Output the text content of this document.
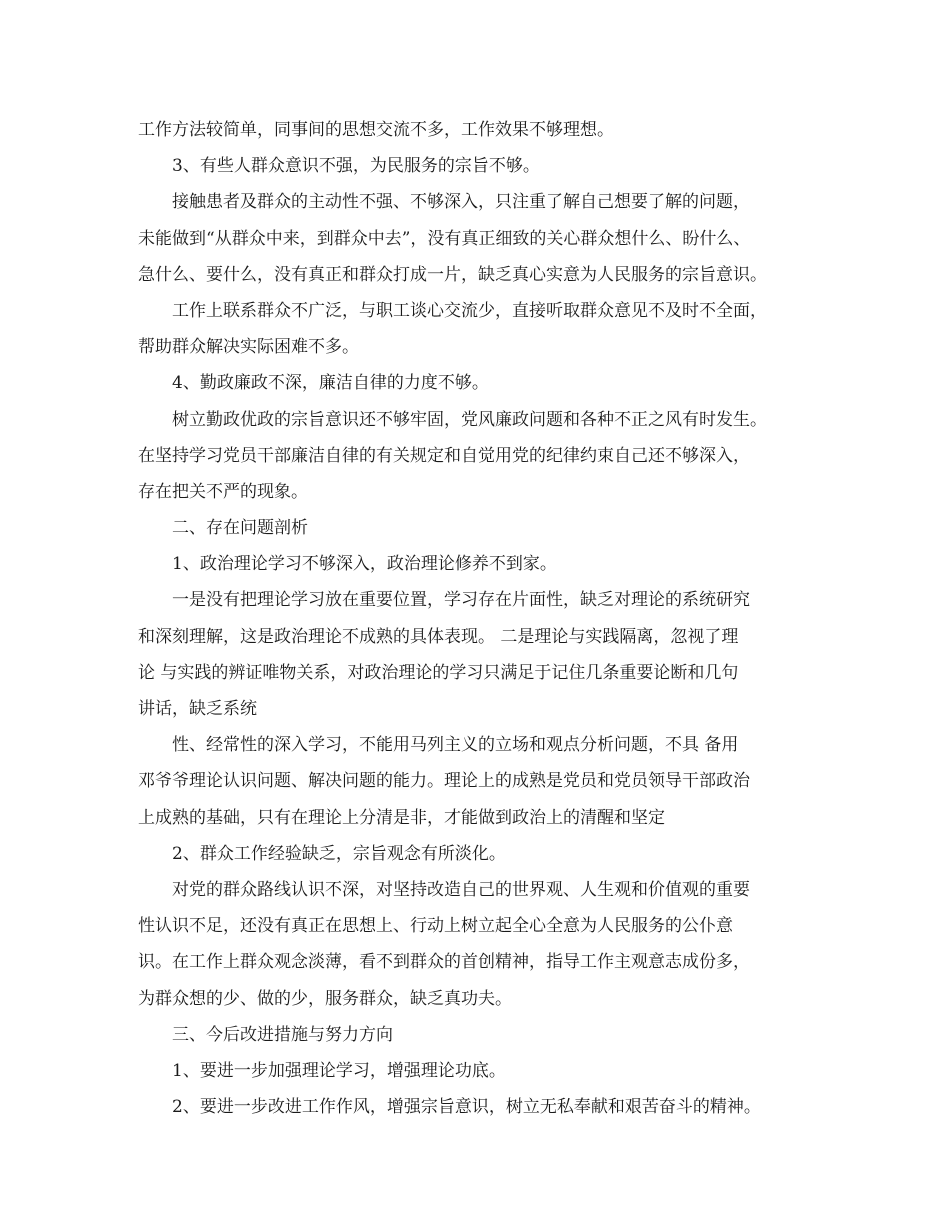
工作方法较简单，同事间的思想交流不多，工作效果不够理想。
3、有些人群众意识不强，为民服务的宗旨不够。
接触患者及群众的主动性不强、不够深入，只注重了解自己想要了解的问题，
未能做到“从群众中来，到群众中去”，没有真正细致的关心群众想什么、盼什么、
急什么、要什么，没有真正和群众打成一片，缺乏真心实意为人民服务的宗旨意识。
工作上联系群众不广泛，与职工谈心交流少，直接听取群众意见不及时不全面，
帮助群众解决实际困难不多。
4、勤政廉政不深，廉洁自律的力度不够。
树立勤政优政的宗旨意识还不够牢固，党风廉政问题和各种不正之风有时发生。
在坚持学习党员干部廉洁自律的有关规定和自觉用党的纪律约束自己还不够深入，
存在把关不严的现象。
二、存在问题剖析
1、政治理论学习不够深入，政治理论修养不到家。
一是没有把理论学习放在重要位置，学习存在片面性，缺乏对理论的系统研究
和深刻理解，这是政治理论不成熟的具体表现。 二是理论与实践隔离，忽视了理
论 与实践的辨证唯物关系，对政治理论的学习只满足于记住几条重要论断和几句
讲话，缺乏系统
性、经常性的深入学习，不能用马列主义的立场和观点分析问题，不具 备用
邓爷爷理论认识问题、解决问题的能力。理论上的成熟是党员和党员领导干部政治
上成熟的基础，只有在理论上分清是非，才能做到政治上的清醒和坚定
2、群众工作经验缺乏，宗旨观念有所淡化。
对党的群众路线认识不深，对坚持改造自己的世界观、人生观和价值观的重要
性认识不足，还没有真正在思想上、行动上树立起全心全意为人民服务的公仆意
识。在工作上群众观念淡薄，看不到群众的首创精神，指导工作主观意志成份多，
为群众想的少、做的少，服务群众，缺乏真功夫。
三、今后改进措施与努力方向
1、要进一步加强理论学习，增强理论功底。
2、要进一步改进工作作风，增强宗旨意识，树立无私奉献和艰苦奋斗的精神。
